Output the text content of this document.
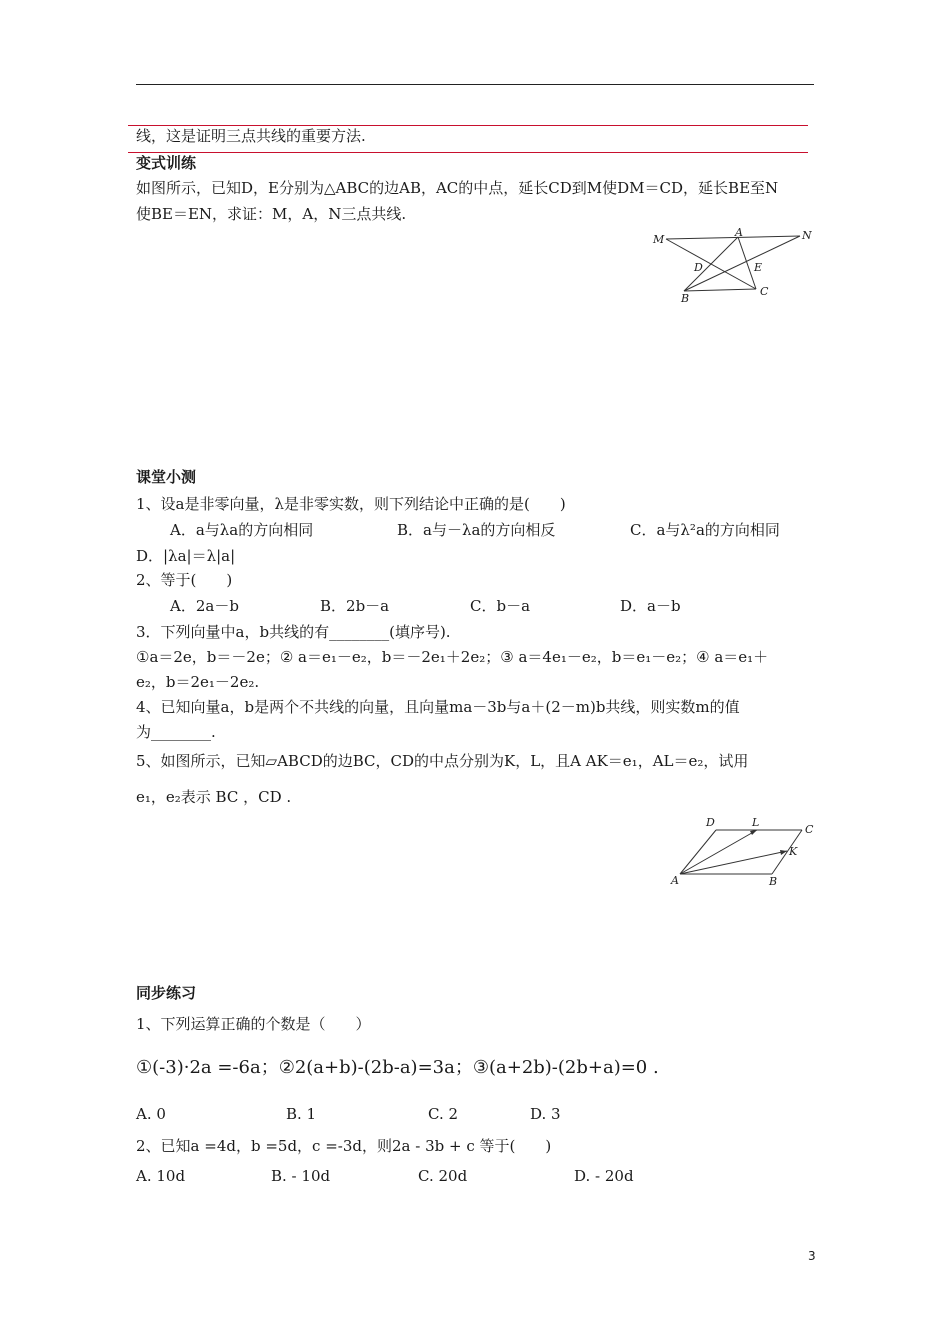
线，这是证明三点共线的重要方法.
变式训练
如图所示，已知D，E分别为△ABC的边AB，AC的中点，延长CD到M使DM＝CD，延长BE至N
使BE＝EN，求证：M，A，N三点共线.
M
A	N
D	E
B
C
课堂小测
1、设a是非零向量，λ是非零实数，则下列结论中正确的是(　　)
A．a与λa的方向相同	B．a与－λa的方向相反	C．a与λ²a的方向相同
D．|λa|＝λ|a|
2、等于(　　)
A．2a－b	B．2b－a	C．b－a	D．a－b
3．下列向量中a，b共线的有________(填序号).
①a＝2e，b＝－2e；② a＝e₁－e₂，b＝－2e₁＋2e₂；③ a＝4e₁－e₂，b＝e₁－e₂；④ a＝e₁＋
e₂，b＝2e₁－2e₂.
4、已知向量a，b是两个不共线的向量，且向量ma－3b与a＋(2－m)b共线，则实数m的值
为________.
5、如图所示，已知▱ABCD的边BC，CD的中点分别为K，L，且A AK＝e₁，AL＝e₂，试用
e₁，e₂表示 BC ，CD .
D	L
C
K
A	B
同步练习
1、下列运算正确的个数是（　　）
①(-3)·2a =-6a；②2(a+b)-(2b-a)=3a；③(a+2b)-(2b+a)=0 .
A. 0	B. 1	C. 2	D. 3
2、已知a =4d，b =5d，c =-3d，则2a - 3b + c 等于(　　)
A. 10d	B. - 10d	C. 20d	D. - 20d
3
